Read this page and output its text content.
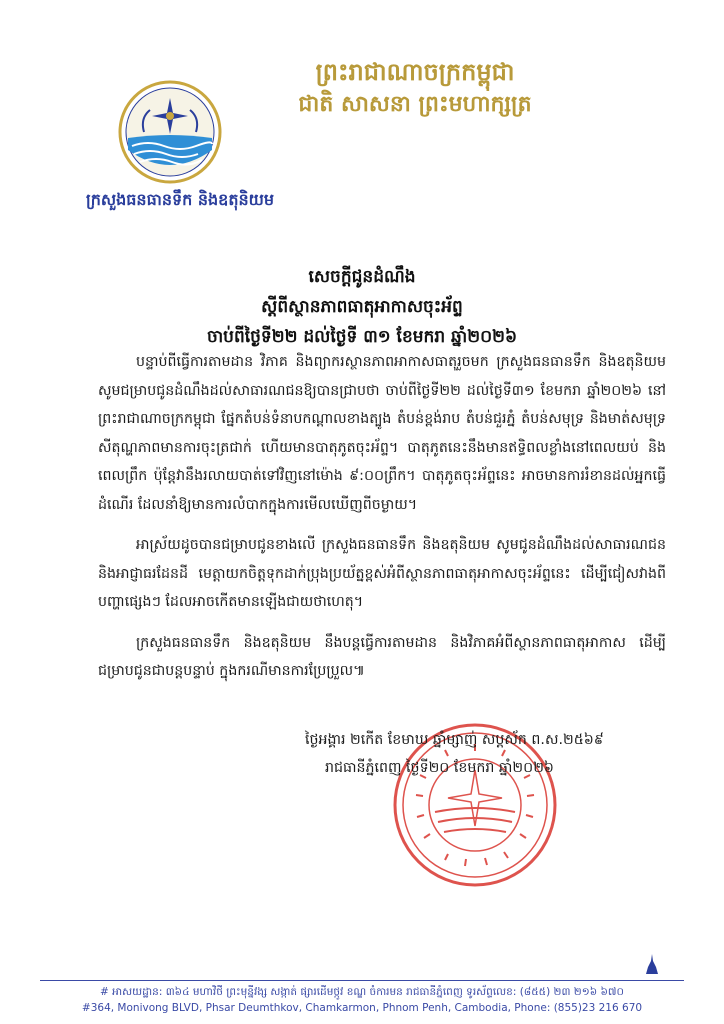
ព្រះរាជាណាចក្រកម្ពុជា
ជាតិ សាសនា ព្រះមហាក្សត្រ
ក្រសួងធនធានទឹក និងឧតុនិយម
សេចក្តីជូនដំណឹង
ស្តីពីស្ថានភាពធាតុអាកាសចុះអ័ព្ទ
ចាប់ពីថ្ងៃទី២២ ដល់ថ្ងៃទី ៣១ ខែមករា ឆ្នាំ២០២៦

បន្ទាប់ពីធ្វើការតាមដាន វិភាគ និងព្យាករស្ថានភាពអាកាសធាតុរួចមក ក្រសួងធនធានទឹក និងឧតុនិយម សូមជម្រាបជូនដំណឹងដល់សាធារណជនឱ្យបានជ្រាបថា ចាប់ពីថ្ងៃទី២២ ដល់ថ្ងៃទី៣១ ខែមករា ឆ្នាំ២០២៦ នៅព្រះរាជាណាចក្រកម្ពុជា ផ្នែកតំបន់ទំនាបកណ្តាលខាងត្បូង តំបន់ខ្ពង់រាប តំបន់ជួរភ្នំ តំបន់សមុទ្រ និងមាត់សមុទ្រ សីតុណ្ហភាពមានការចុះត្រជាក់ ហើយមានបាតុភូតចុះអ័ព្ទ។ បាតុភូតនេះនឹងមានឥទ្ធិពលខ្លាំងនៅពេលយប់ និងពេលព្រឹក ប៉ុន្តែវានឹងរលាយបាត់ទៅវិញនៅម៉ោង ៩:០០ព្រឹក។ បាតុភូតចុះអ័ព្ទនេះ អាចមានការរំខានដល់អ្នកធ្វើដំណើរ ដែលនាំឱ្យមានការលំបាកក្នុងការមើលឃើញពីចម្ងាយ។

អាស្រ័យដូចបានជម្រាបជូនខាងលើ ក្រសួងធនធានទឹក និងឧតុនិយម សូមជូនដំណឹងដល់សាធារណជន និងអាជ្ញាធរដែនដី មេត្តាយកចិត្តទុកដាក់ប្រុងប្រយ័ត្នខ្ពស់អំពីស្ថានភាពធាតុអាកាសចុះអ័ព្ទនេះ ដើម្បីជៀសវាងពីបញ្ហាផ្សេងៗ ដែលអាចកើតមានឡើងជាយថាហេតុ។

ក្រសួងធនធានទឹក និងឧតុនិយម នឹងបន្តធ្វើការតាមដាន និងវិភាគអំពីស្ថានភាពធាតុអាកាស ដើម្បីជម្រាបជូនជាបន្តបន្ទាប់ ក្នុងករណីមានការប្រែប្រួល៕

ថ្ងៃអង្គារ ២កើត ខែមាឃ ឆ្នាំម្សាញ់ សប្តស័ក ព.ស.២៥៦៩
រាជធានីភ្នំពេញ ថ្ងៃទី២០ ខែមករា ឆ្នាំ២០២៦
# អាសយដ្ឋាន: ៣៦៤ មហាវិថី ព្រះមុន្នីវង្ស សង្កាត់ ផ្សារដើមថ្កូវ ខណ្ឌ ចំការមន រាជធានីភ្នំពេញ ទូរស័ព្ទលេខ: (៨៥៥) ២៣ ២១៦ ៦៧០
#364, Monivong BLVD, Phsar Deumthkov, Chamkarmon, Phnom Penh, Cambodia, Phone: (855)23 216 670
